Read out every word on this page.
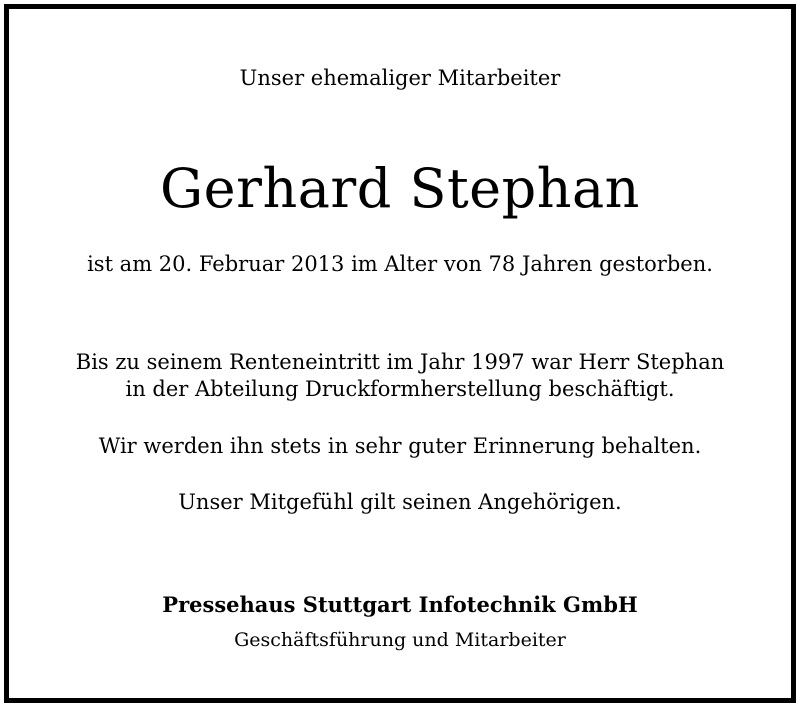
Unser ehemaliger Mitarbeiter
Gerhard Stephan
ist am 20. Februar 2013 im Alter von 78 Jahren gestorben.
Bis zu seinem Renteneintritt im Jahr 1997 war Herr Stephan
in der Abteilung Druckformherstellung beschäftigt.
Wir werden ihn stets in sehr guter Erinnerung behalten.
Unser Mitgefühl gilt seinen Angehörigen.
Pressehaus Stuttgart Infotechnik GmbH
Geschäftsführung und Mitarbeiter
